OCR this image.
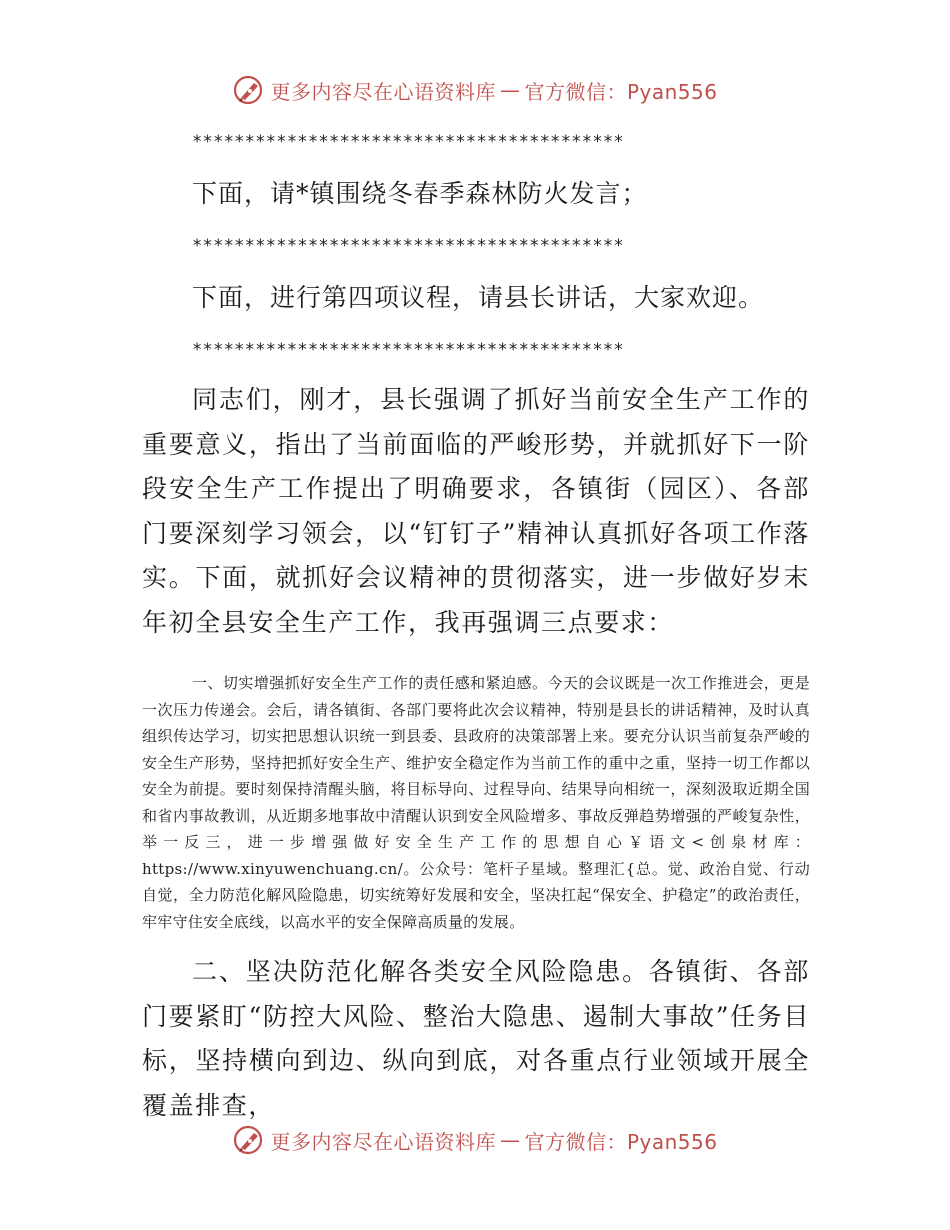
更多内容尽在心语资料库 — 官方微信：Pyan556
*****************************************
下面，请*镇围绕冬春季森林防火发言；
*****************************************
下面，进行第四项议程，请县长讲话，大家欢迎。
*****************************************

同志们，刚才，县长强调了抓好当前安全生产工作的重要意义，指出了当前面临的严峻形势，并就抓好下一阶段安全生产工作提出了明确要求，各镇街（园区）、各部门要深刻学习领会，以“钉钉子”精神认真抓好各项工作落实。下面，就抓好会议精神的贯彻落实，进一步做好岁末年初全县安全生产工作，我再强调三点要求：

一、切实增强抓好安全生产工作的责任感和紧迫感。今天的会议既是一次工作推进会，更是一次压力传递会。会后，请各镇街、各部门要将此次会议精神，特别是县长的讲话精神，及时认真组织传达学习，切实把思想认识统一到县委、县政府的决策部署上来。要充分认识当前复杂严峻的安全生产形势，坚持把抓好安全生产、维护安全稳定作为当前工作的重中之重，坚持一切工作都以安全为前提。要时刻保持清醒头脑，将目标导向、过程导向、结果导向相统一，深刻汲取近期全国和省内事故教训，从近期多地事故中清醒认识到安全风险增多、事故反弹趋势增强的严峻复杂性，举一反三，进一步增强做好安全生产工作的思想自心￥语文<创泉材库：https://www.xinyuwenchuang.cn/。公众号：笔杆子星域。整理汇{总。觉、政治自觉、行动自觉，全力防范化解风险隐患，切实统筹好发展和安全，坚决扛起“保安全、护稳定”的政治责任，牢牢守住安全底线，以高水平的安全保障高质量的发展。

二、坚决防范化解各类安全风险隐患。各镇街、各部门要紧盯“防控大风险、整治大隐患、遏制大事故”任务目标，坚持横向到边、纵向到底，对各重点行业领域开展全覆盖排查，

更多内容尽在心语资料库 — 官方微信：Pyan556
